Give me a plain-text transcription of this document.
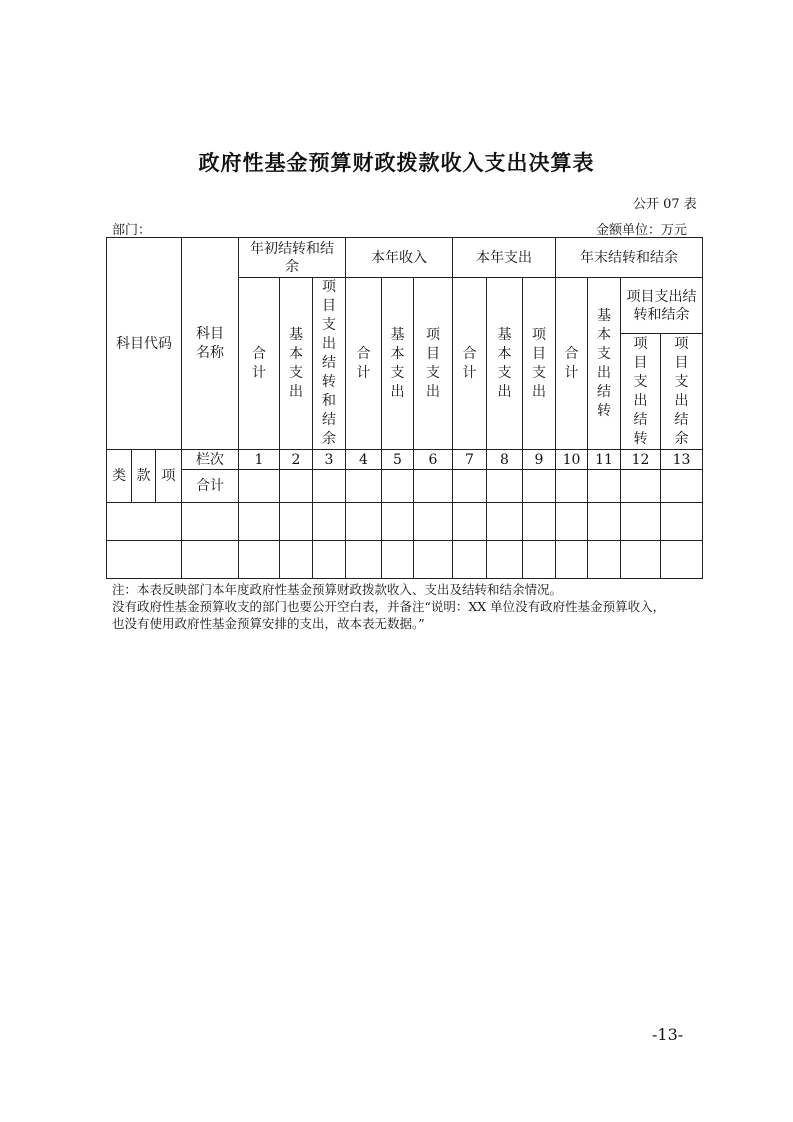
政府性基金预算财政拨款收入支出决算表
公开 07 表
部门：	金额单位：万元
科目代码			科目名称	年初结转和结余			本年收入			本年支出			年末结转和结余			
				合计	基本支出	项目支出结转和结余	合计	基本支出	项目支出	合计	基本支出	项目支出	合计	基本支出结转	项目支出结转和结余	
															项目支出结转	项目支出结余
类	款	项	栏次	1	2	3	4	5	6	7	8	9	10	11	12	13
			合计													

注：本表反映部门本年度政府性基金预算财政拨款收入、支出及结转和结余情况。
没有政府性基金预算收支的部门也要公开空白表，并备注“说明：XX 单位没有政府性基金预算收入，
也没有使用政府性基金预算安排的支出，故本表无数据。”
-13-
